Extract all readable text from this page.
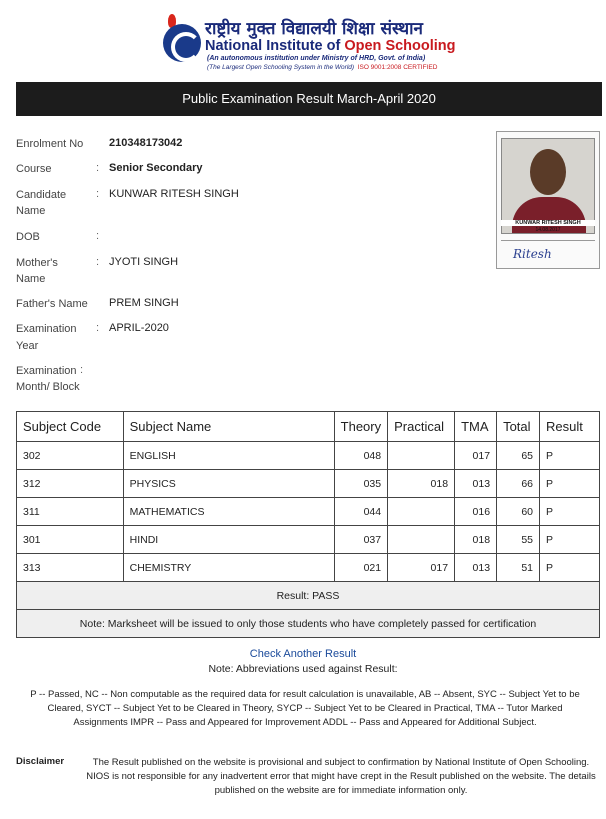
राष्ट्रीय मुक्त विद्यालयी शिक्षा संस्थान
National Institute of Open Schooling
(An autonomous institution under Ministry of HRD, Govt. of India)
(The Largest Open Schooling System in the World) ISO 9001:2008 CERTIFIED
Public Examination Result March-April 2020
Enrolment No 210348173042
Course	: Senior Secondary
Candidate
Name
: KUNWAR RITESH SINGH
DOB	:
Mother's
Name
: JYOTI SINGH
Father's Name PREM SINGH
Examination
Year
: APRIL-2020
Examination
Month/ Block
:
KUNWAR RITESH SINGH
14.08.2017
Ritesh
Subject Code	Subject Name	Theory	Practical	TMA	Total	Result
302	ENGLISH	048		017	65	P
312	PHYSICS	035	018	013	66	P
311	MATHEMATICS	044		016	60	P
301	HINDI	037		018	55	P
313	CHEMISTRY	021	017	013	51	P
Result: PASS						
Note: Marksheet will be issued to only those students who have completely passed for certification						
Check Another Result
Note: Abbreviations used against Result:
P -- Passed, NC -- Non computable as the required data for result calculation is unavailable, AB -- Absent, SYC -- Subject Yet to be Cleared, SYCT -- Subject Yet to be Cleared in Theory, SYCP -- Subject Yet to be Cleared in Practical, TMA -- Tutor Marked Assignments IMPR -- Pass and Appeared for Improvement ADDL -- Pass and Appeared for Additional Subject.
Disclaimer	The Result published on the website is provisional and subject to confirmation by National Institute of Open Schooling. NIOS is not responsible for any inadvertent error that might have crept in the Result published on the website. The details published on the website are for immediate information only.
